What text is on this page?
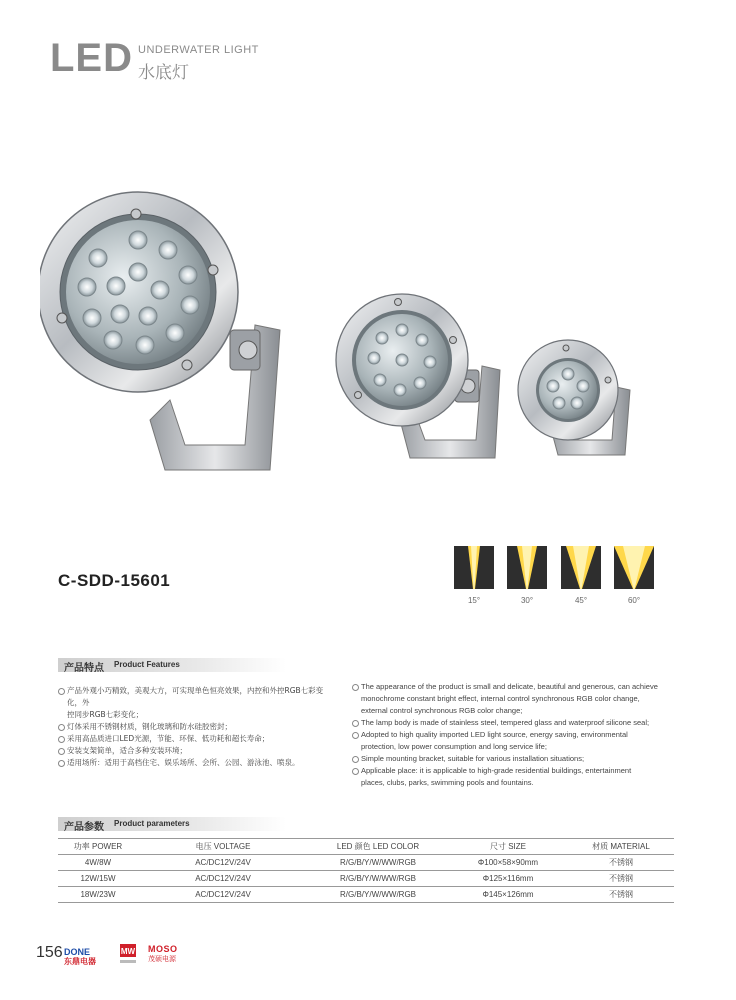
LED UNDERWATER LIGHT
水底灯
C-SDD-15601
15°	30°	45°	60°
产品特点 Product Features
产品外观小巧精致，美观大方，可实现单色恒亮效果，内控和外控RGB七彩变化，外
控同步RGB七彩变化；
灯体采用不锈钢材质，钢化玻璃和防水硅胶密封；
采用高品质进口LED光源，节能、环保、低功耗和超长寿命；
安装支架简单，适合多种安装环境；
适用场所：适用于高档住宅、娱乐场所、会所、公园、游泳池、喷泉。
The appearance of the product is small and delicate, beautiful and generous, can achieve
monochrome constant bright effect, internal control synchronous RGB color change,
external control synchronous RGB color change;
The lamp body is made of stainless steel, tempered glass and waterproof silicone seal;
Adopted to high quality imported LED light source, energy saving, environmental
protection, low power consumption and long service life;
Simple mounting bracket, suitable for various installation situations;
Applicable place: it is applicable to high-grade residential buildings, entertainment
places, clubs, parks, swimming pools and fountains.
产品参数 Product parameters
功率 POWER	电压 VOLTAGE	LED 颜色 LED COLOR	尺寸 SIZE	材质 MATERIAL
4W/8W	AC/DC12V/24V	R/G/B/Y/W/WW/RGB	Φ100×58×90mm	不锈钢
12W/15W	AC/DC12V/24V	R/G/B/Y/W/WW/RGB	Φ125×116mm	不锈钢
18W/23W	AC/DC12V/24V	R/G/B/Y/W/WW/RGB	Φ145×126mm	不锈钢
156 DONE
东鼎电器
MW MOSO
茂硕电源
